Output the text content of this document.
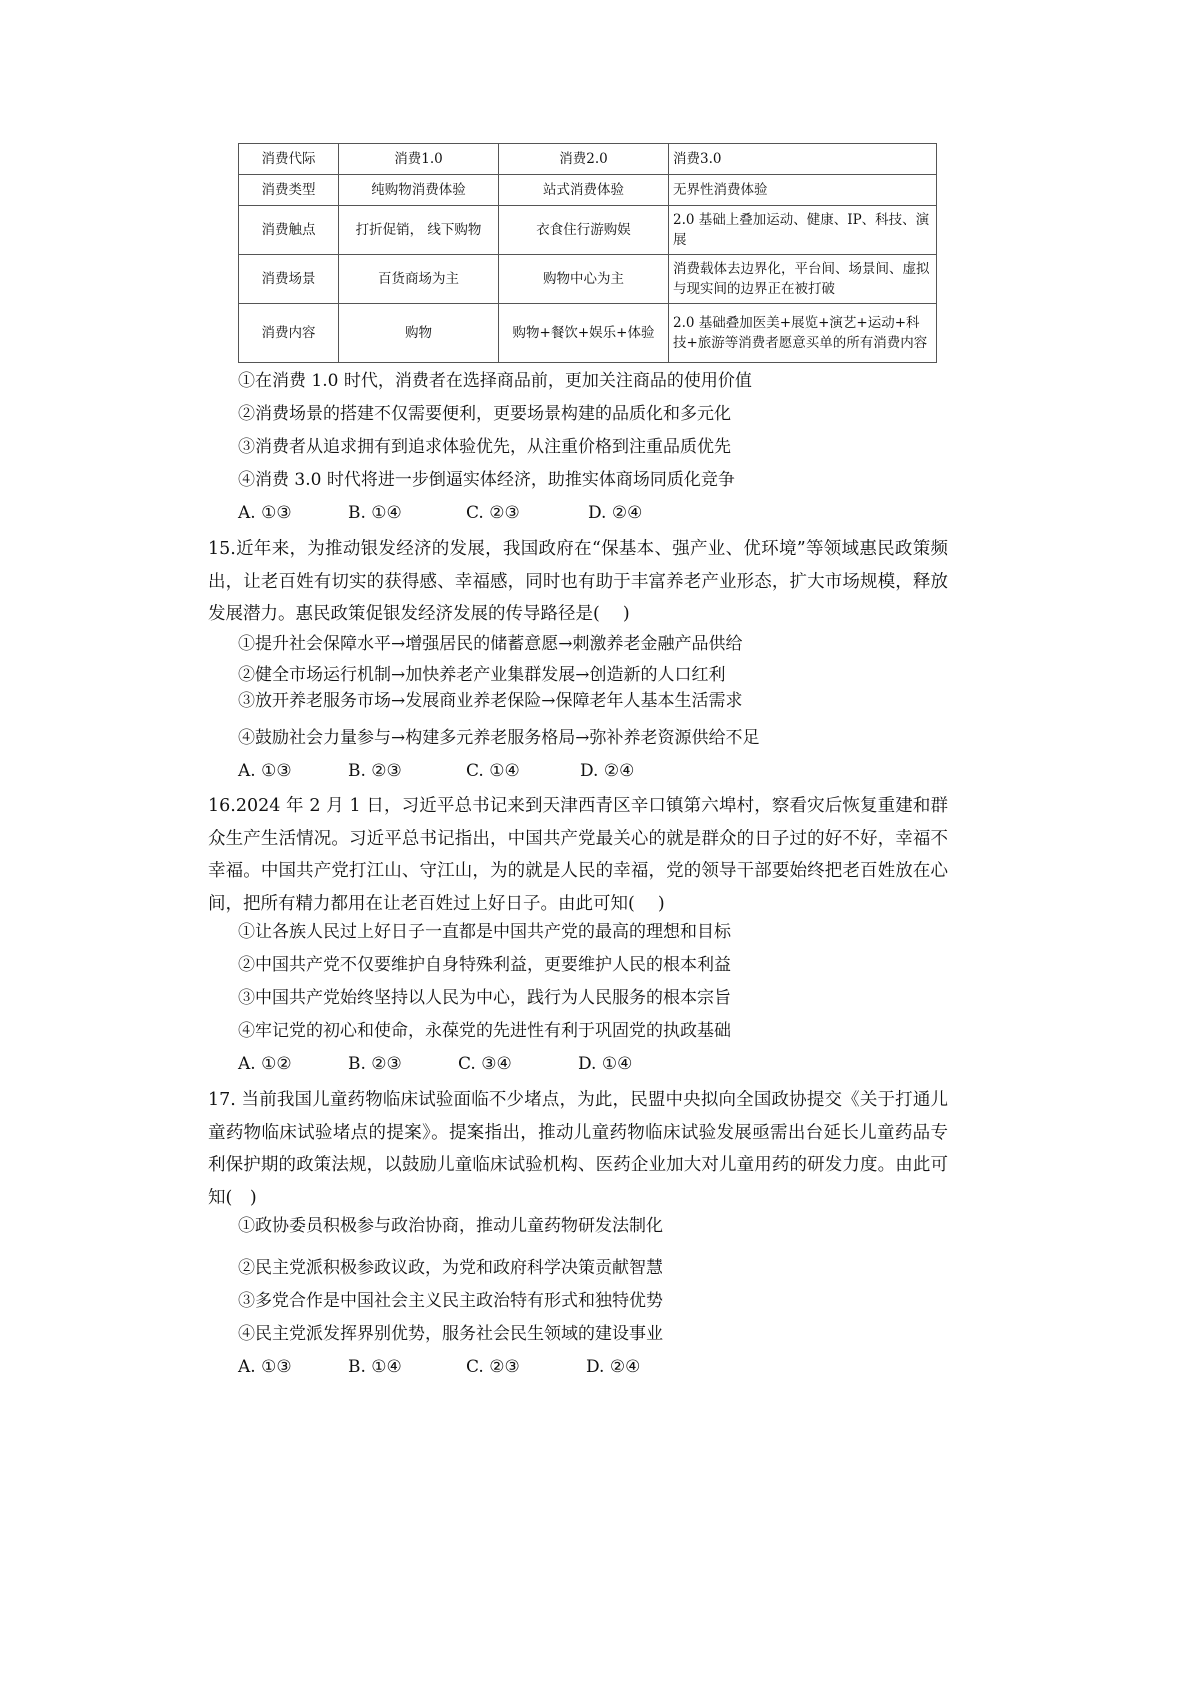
消费代际	消费1.0	消费2.0	消费3.0
消费类型	纯购物消费体验	站式消费体验	无界性消费体验
消费触点	打折促销， 线下购物	衣食住行游购娱	2.0 基础上叠加运动、健康、IP、科技、演展
消费场景	百货商场为主	购物中心为主	消费载体去边界化，平台间、场景间、虚拟与现实间的边界正在被打破
消费内容	购物	购物+餐饮+娱乐+体验	2.0 基础叠加医美+展览+演艺+运动+科技+旅游等消费者愿意买单的所有消费内容
①在消费 1.0 时代，消费者在选择商品前，更加关注商品的使用价值
②消费场景的搭建不仅需要便利，更要场景构建的品质化和多元化
③消费者从追求拥有到追求体验优先，从注重价格到注重品质优先
④消费 3.0 时代将进一步倒逼实体经济，助推实体商场同质化竞争
A. ①③	B. ①④	C. ②③	D. ②④
15.近年来，为推动银发经济的发展，我国政府在“保基本、强产业、优环境”等领域惠民政策频出，让老百姓有切实的获得感、幸福感，同时也有助于丰富养老产业形态，扩大市场规模，释放发展潜力。惠民政策促银发经济发展的传导路径是(　 )
①提升社会保障水平→增强居民的储蓄意愿→刺激养老金融产品供给
②健全市场运行机制→加快养老产业集群发展→创造新的人口红利
③放开养老服务市场→发展商业养老保险→保障老年人基本生活需求
④鼓励社会力量参与→构建多元养老服务格局→弥补养老资源供给不足
A. ①③	B. ②③	C. ①④	D. ②④
16.2024 年 2 月 1 日，习近平总书记来到天津西青区辛口镇第六埠村，察看灾后恢复重建和群众生产生活情况。习近平总书记指出，中国共产党最关心的就是群众的日子过的好不好，幸福不幸福。中国共产党打江山、守江山，为的就是人民的幸福，党的领导干部要始终把老百姓放在心间，把所有精力都用在让老百姓过上好日子。由此可知(　 )
①让各族人民过上好日子一直都是中国共产党的最高的理想和目标
②中国共产党不仅要维护自身特殊利益，更要维护人民的根本利益
③中国共产党始终坚持以人民为中心，践行为人民服务的根本宗旨
④牢记党的初心和使命，永葆党的先进性有利于巩固党的执政基础
A. ①②	B. ②③	C. ③④	D. ①④
17. 当前我国儿童药物临床试验面临不少堵点，为此，民盟中央拟向全国政协提交《关于打通儿童药物临床试验堵点的提案》。提案指出，推动儿童药物临床试验发展亟需出台延长儿童药品专利保护期的政策法规，以鼓励儿童临床试验机构、医药企业加大对儿童用药的研发力度。由此可知(　)
①政协委员积极参与政治协商，推动儿童药物研发法制化
②民主党派积极参政议政，为党和政府科学决策贡献智慧
③多党合作是中国社会主义民主政治特有形式和独特优势
④民主党派发挥界别优势，服务社会民生领域的建设事业
A. ①③	B. ①④	C. ②③	D. ②④
